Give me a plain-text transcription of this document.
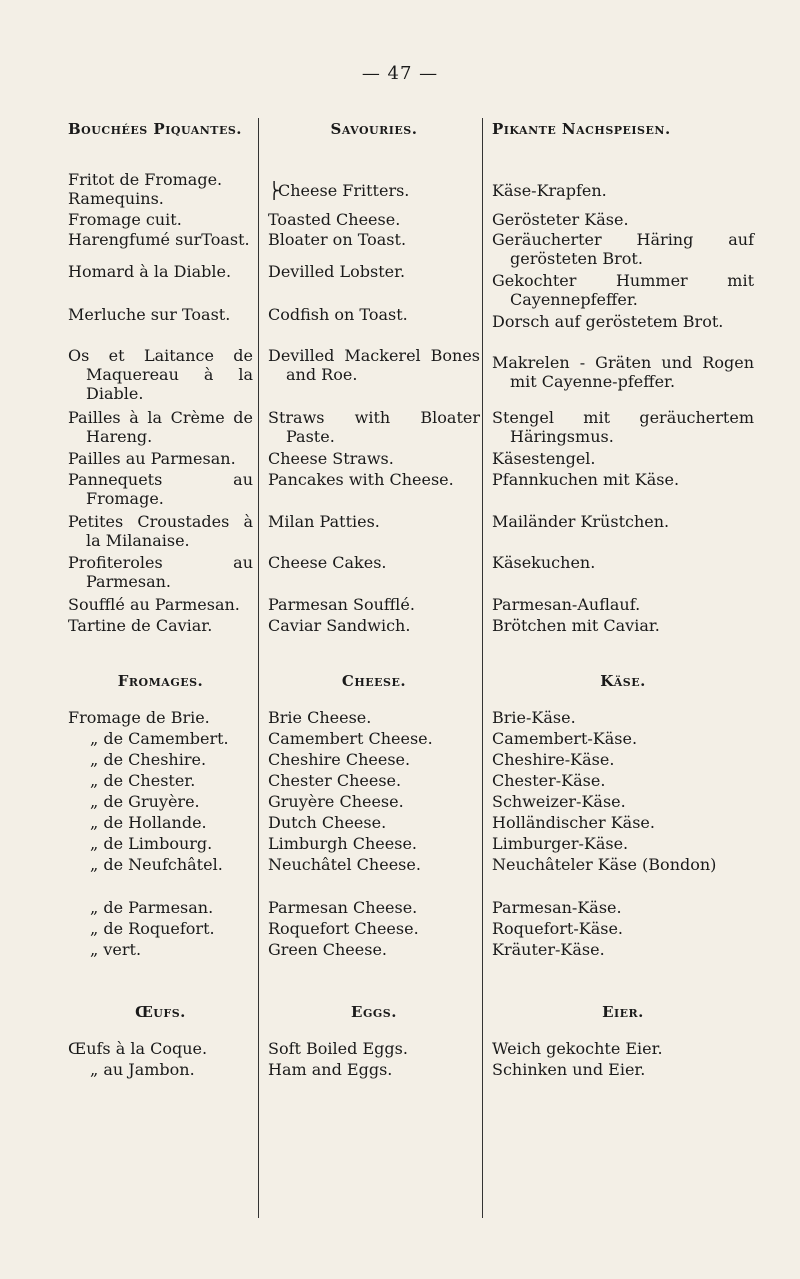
— 47 —
Bouchées Piquantes.
Fritot de Fromage.
Ramequins.
Fromage cuit.
Harengfumé surToast.
Homard à la Diable.
Merluche sur Toast.
Os et Laitance de Maquereau à la Diable.
Pailles à la Crème de Hareng.
Pailles au Parmesan.
Pannequets au Fromage.
Petites Croustades à la Milanaise.
Profiteroles au Parmesan.
Soufflé au Parmesan.
Tartine de Caviar.
Fromages.
Fromage de Brie.
„ de Camembert.
„ de Cheshire.
„ de Chester.
„ de Gruyère.
„ de Hollande.
„ de Limbourg.
„ de Neufchâtel.
„ de Parmesan.
„ de Roquefort.
„ vert.
Œufs.
Œufs à la Coque.
„ au Jambon.
Savouries.
⎬Cheese Fritters.
Toasted Cheese.
Bloater on Toast.
Devilled Lobster.
Codfish on Toast.
Devilled Mackerel Bones and Roe.
Straws with Bloater Paste.
Cheese Straws.
Pancakes with Cheese.
Milan Patties.
Cheese Cakes.
Parmesan Soufflé.
Caviar Sandwich.
Cheese.
Brie Cheese.
Camembert Cheese.
Cheshire Cheese.
Chester Cheese.
Gruyère Cheese.
Dutch Cheese.
Limburgh Cheese.
Neuchâtel Cheese.
Parmesan Cheese.
Roquefort Cheese.
Green Cheese.
Eggs.
Soft Boiled Eggs.
Ham and Eggs.
Pikante Nachspeisen.
Käse-Krapfen.
Gerösteter Käse.
Geräucherter Häring auf gerösteten Brot.
Gekochter Hummer mit Cayennepfeffer.
Dorsch auf geröstetem Brot.
Makrelen - Gräten und Rogen mit Cayenne-pfeffer.
Stengel mit geräuchertem Häringsmus.
Käsestengel.
Pfannkuchen mit Käse.
Mailänder Krüstchen.
Käsekuchen.
Parmesan-Auflauf.
Brötchen mit Caviar.
Käse.
Brie-Käse.
Camembert-Käse.
Cheshire-Käse.
Chester-Käse.
Schweizer-Käse.
Holländischer Käse.
Limburger-Käse.
Neuchâteler Käse (Bondon)
Parmesan-Käse.
Roquefort-Käse.
Kräuter-Käse.
Eier.
Weich gekochte Eier.
Schinken und Eier.
